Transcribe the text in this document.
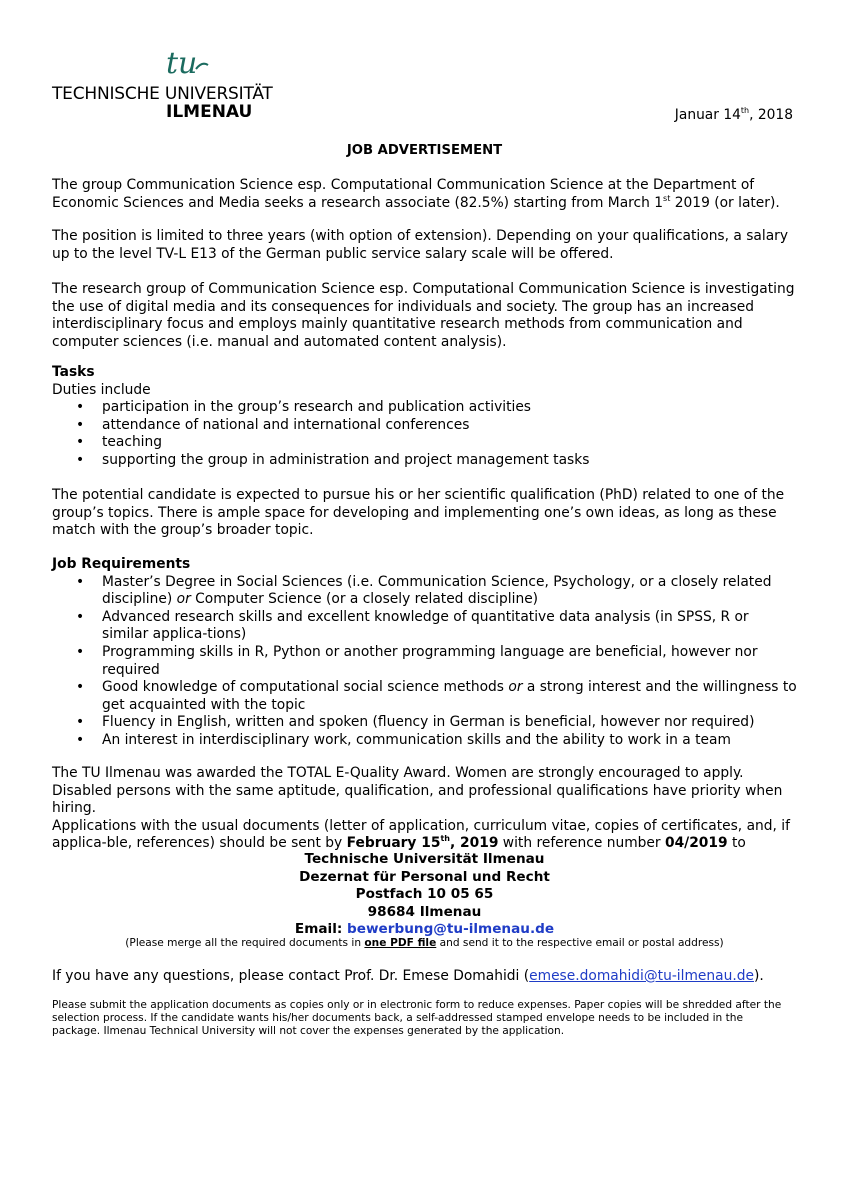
tu
TECHNISCHE UNIVERSITÄT
ILMENAU	Januar 14th, 2018
JOB ADVERTISEMENT
The group Communication Science esp. Computational Communication Science at the Department of Economic Sciences and Media seeks a research associate (82.5%) starting from March 1st 2019 (or later).
The position is limited to three years (with option of extension). Depending on your qualifications, a salary up to the level TV-L E13 of the German public service salary scale will be offered.
The research group of Communication Science esp. Computational Communication Science is investigating the use of digital media and its consequences for individuals and society. The group has an increased interdisciplinary focus and employs mainly quantitative research methods from communication and computer sciences (i.e. manual and automated content analysis).
Tasks
Duties include
• participation in the group’s research and publication activities
• attendance of national and international conferences
• teaching
• supporting the group in administration and project management tasks
The potential candidate is expected to pursue his or her scientific qualification (PhD) related to one of the group’s topics. There is ample space for developing and implementing one’s own ideas, as long as these match with the group’s broader topic.
Job Requirements
• Master’s Degree in Social Sciences (i.e. Communication Science, Psychology, or a closely related discipline) or Computer Science (or a closely related discipline)
• Advanced research skills and excellent knowledge of quantitative data analysis (in SPSS, R or similar applica-tions)
• Programming skills in R, Python or another programming language are beneficial, however nor required
• Good knowledge of computational social science methods or a strong interest and the willingness to get acquainted with the topic
• Fluency in English, written and spoken (fluency in German is beneficial, however nor required)
• An interest in interdisciplinary work, communication skills and the ability to work in a team
The TU Ilmenau was awarded the TOTAL E-Quality Award. Women are strongly encouraged to apply.
Disabled persons with the same aptitude, qualification, and professional qualifications have priority when hiring.
Applications with the usual documents (letter of application, curriculum vitae, copies of certificates, and, if applica-ble, references) should be sent by February 15th, 2019 with reference number 04/2019 to
Technische Universität Ilmenau
Dezernat für Personal und Recht
Postfach 10 05 65
98684 Ilmenau
Email: bewerbung@tu-ilmenau.de
(Please merge all the required documents in one PDF file and send it to the respective email or postal address)
If you have any questions, please contact Prof. Dr. Emese Domahidi (emese.domahidi@tu-ilmenau.de).
Please submit the application documents as copies only or in electronic form to reduce expenses. Paper copies will be shredded after the selection process. If the candidate wants his/her documents back, a self-addressed stamped envelope needs to be included in the package. Ilmenau Technical University will not cover the expenses generated by the application.
